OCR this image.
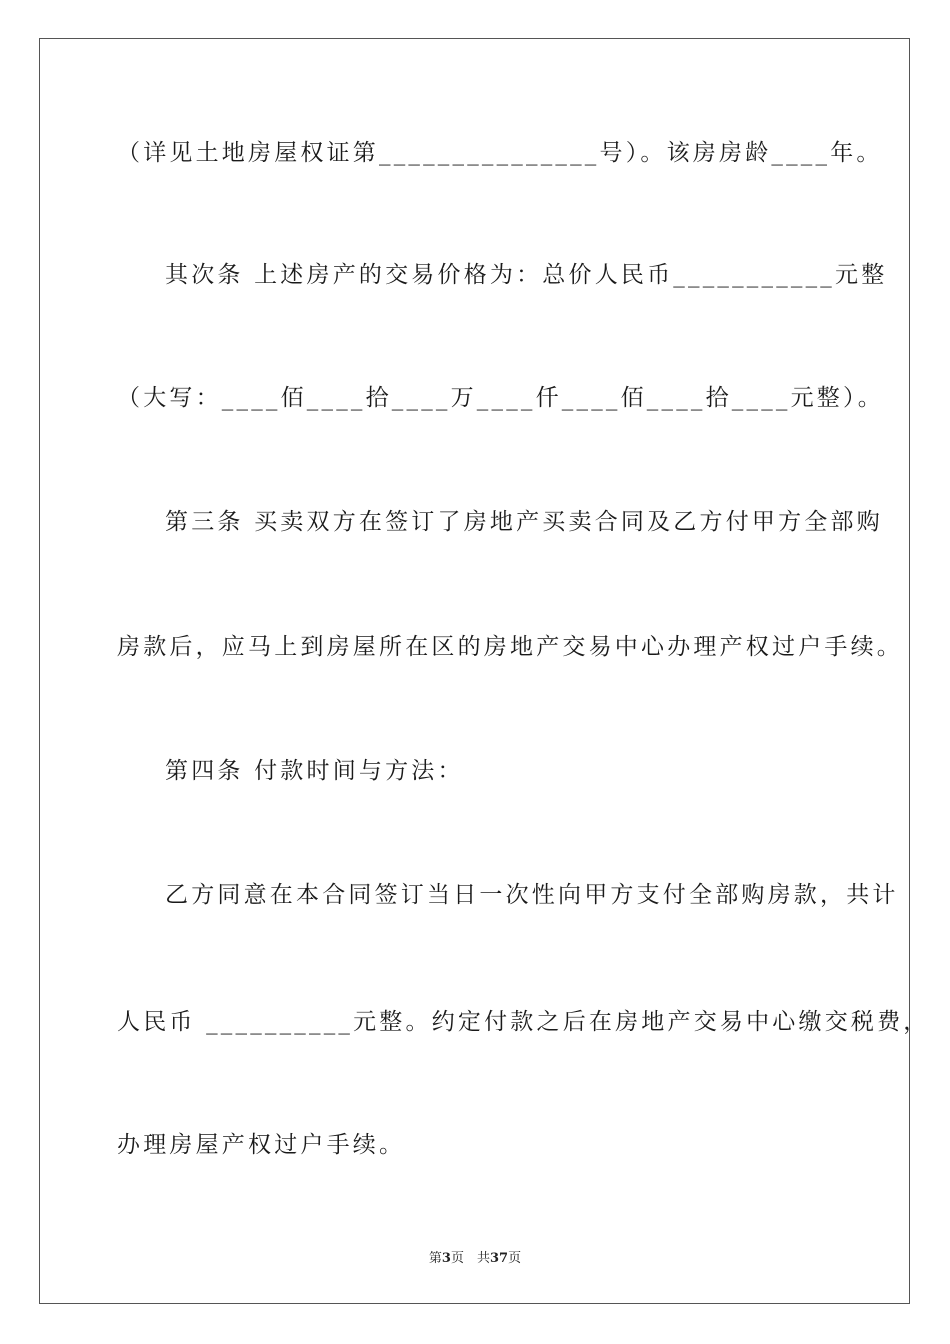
（详见土地房屋权证第_______________号）。该房房龄____年。
其次条 上述房产的交易价格为：总价人民币___________元整
（大写：____佰____拾____万____仟____佰____拾____元整）。
第三条 买卖双方在签订了房地产买卖合同及乙方付甲方全部购
房款后，应马上到房屋所在区的房地产交易中心办理产权过户手续。
第四条 付款时间与方法：
乙方同意在本合同签订当日一次性向甲方支付全部购房款，共计
人民币 __________元整。约定付款之后在房地产交易中心缴交税费，
办理房屋产权过户手续。
第3页　共37页
